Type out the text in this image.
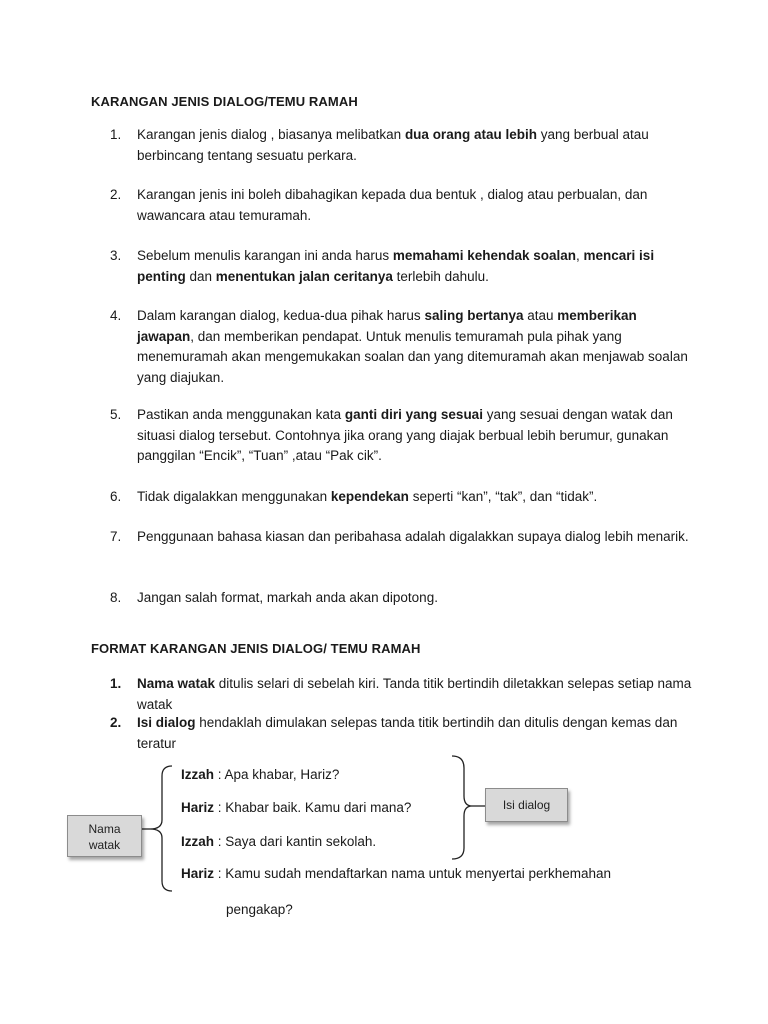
KARANGAN JENIS DIALOG/TEMU RAMAH
1.	Karangan jenis dialog , biasanya melibatkan dua orang atau lebih yang berbual atau berbincang tentang sesuatu perkara.
2.	Karangan jenis ini boleh dibahagikan kepada dua bentuk , dialog atau perbualan, dan wawancara atau temuramah.
3.	Sebelum menulis karangan ini anda harus memahami kehendak soalan, mencari isi penting dan menentukan jalan ceritanya terlebih dahulu.
4.	Dalam karangan dialog, kedua-dua pihak harus saling bertanya atau memberikan jawapan, dan memberikan pendapat. Untuk menulis temuramah pula pihak yang menemuramah akan mengemukakan soalan dan yang ditemuramah akan menjawab soalan yang diajukan.
5.	Pastikan anda menggunakan kata ganti diri yang sesuai yang sesuai dengan watak dan situasi dialog tersebut. Contohnya jika orang yang diajak berbual lebih berumur, gunakan panggilan “Encik”, “Tuan” ,atau “Pak cik”.
6.	Tidak digalakkan menggunakan kependekan seperti “kan”, “tak”, dan “tidak”.
7.	Penggunaan bahasa kiasan dan peribahasa adalah digalakkan supaya dialog lebih menarik.
8.	Jangan salah format, markah anda akan dipotong.
FORMAT KARANGAN JENIS DIALOG/ TEMU RAMAH
1.	Nama watak ditulis selari di sebelah kiri. Tanda titik bertindih diletakkan selepas setiap nama watak
2.	Isi dialog hendaklah dimulakan selepas tanda titik bertindih dan ditulis dengan kemas dan teratur
Izzah : Apa khabar, Hariz?
Hariz : Khabar baik. Kamu dari mana?
Izzah : Saya dari kantin sekolah.
Hariz : Kamu sudah mendaftarkan nama untuk menyertai perkhemahan
pengakap?
Nama
watak
Isi dialog
